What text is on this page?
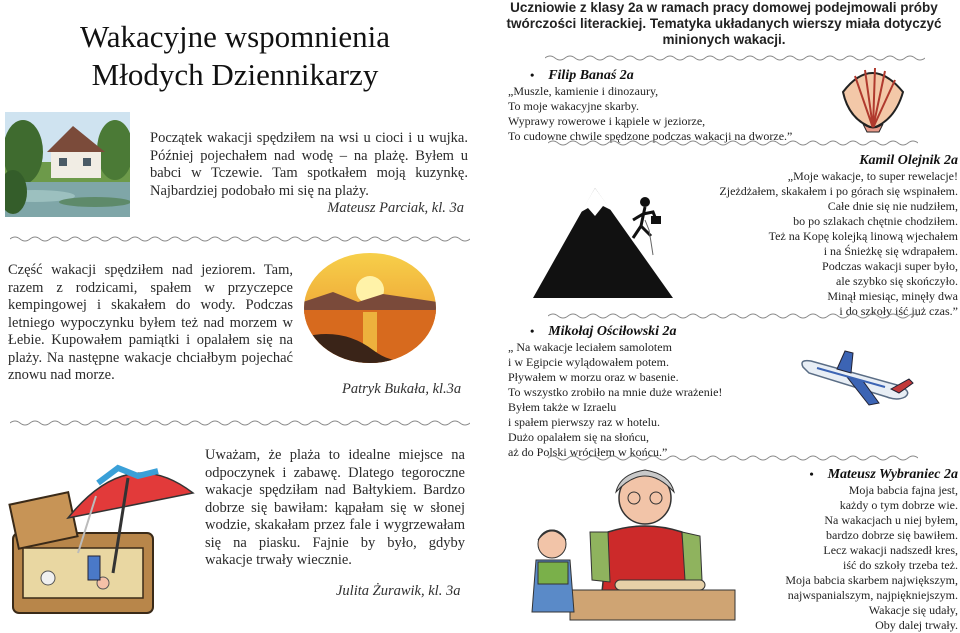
Wakacyjne wspomnienia
Młodych Dziennikarzy
Początek wakacji spędziłem na wsi u cioci i u wujka. Później pojechałem nad wodę – na plażę. Byłem u babci w Tczewie. Tam spotkałem moją kuzynkę. Najbardziej podobało mi się na plaży.
Mateusz Parciak, kl. 3a
Część wakacji spędziłem nad jeziorem. Tam, razem z rodzicami, spałem w przyczepce kempingowej i skakałem do wody. Podczas letniego wypoczynku byłem też nad morzem w Łebie. Kupowałem pamiątki i opalałem się na plaży. Na następne wakacje chciałbym pojechać znowu nad morze.
Patryk Bukała, kl.3a
Uważam, że plaża to idealne miejsce na odpoczynek i zabawę. Dlatego tegoroczne wakacje spędziłam nad Bałtykiem. Bardzo dobrze się bawiłam: kąpałam się w słonej wodzie, skakałam przez fale i wygrzewałam się na piasku. Fajnie by było, gdyby wakacje trwały wiecznie.
Julita Żurawik, kl. 3a
Uczniowie z klasy 2a w ramach pracy domowej podejmowali próby twórczości literackiej. Tematyka układanych wierszy miała dotyczyć minionych wakacji.
• Filip Banaś 2a
„Muszle, kamienie i dinozaury,
To moje wakacyjne skarby.
Wyprawy rowerowe i kąpiele w jeziorze,
To cudowne chwile spędzone podczas wakacji na dworze.”
Kamil Olejnik 2a
„Moje wakacje, to super rewelacje!
Zjeżdżałem, skakałem i po górach się wspinałem.
Całe dnie się nie nudziłem,
bo po szlakach chętnie chodziłem.
Też na Kopę kolejką linową wjechałem
i na Śnieżkę się wdrapałem.
Podczas wakacji super było,
ale szybko się skończyło.
Minął miesiąc, minęły dwa
i do szkoły iść już czas.”
• Mikołaj Ościłowski 2a
„ Na wakacje leciałem samolotem
i w Egipcie wylądowałem potem.
Pływałem w morzu oraz w basenie.
To wszystko zrobiło na mnie duże wrażenie!
Byłem także w Izraelu
i spałem pierwszy raz w hotelu.
Dużo opalałem się na słońcu,
aż do Polski wróciłem w końcu.”
• Mateusz Wybraniec 2a
Moja babcia fajna jest,
każdy o tym dobrze wie.
Na wakacjach u niej byłem,
bardzo dobrze się bawiłem.
Lecz wakacji nadszedł kres,
iść do szkoły trzeba też.
Moja babcia skarbem największym,
najwspanialszym, najpiękniejszym.
Wakacje się udały,
Oby dalej trwały.
